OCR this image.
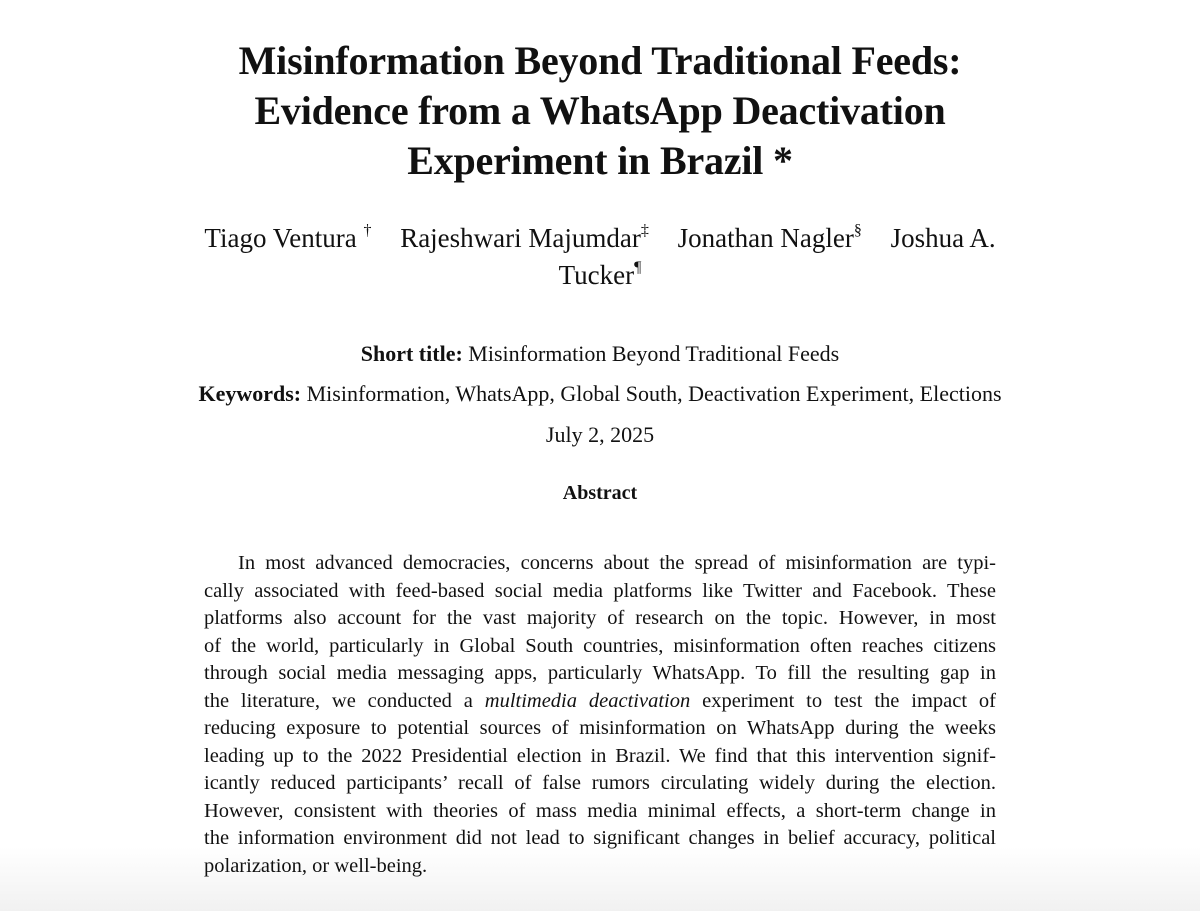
Misinformation Beyond Traditional Feeds:
Evidence from a WhatsApp Deactivation
Experiment in Brazil *
Tiago Ventura † Rajeshwari Majumdar‡ Jonathan Nagler§ Joshua A. Tucker¶
Short title: Misinformation Beyond Traditional Feeds
Keywords: Misinformation, WhatsApp, Global South, Deactivation Experiment, Elections
July 2, 2025
Abstract
In most advanced democracies, concerns about the spread of misinformation are typi-
cally associated with feed-based social media platforms like Twitter and Facebook. These
platforms also account for the vast majority of research on the topic. However, in most
of the world, particularly in Global South countries, misinformation often reaches citizens
through social media messaging apps, particularly WhatsApp. To fill the resulting gap in
the literature, we conducted a multimedia deactivation experiment to test the impact of
reducing exposure to potential sources of misinformation on WhatsApp during the weeks
leading up to the 2022 Presidential election in Brazil. We find that this intervention signif-
icantly reduced participants’ recall of false rumors circulating widely during the election.
However, consistent with theories of mass media minimal effects, a short-term change in
the information environment did not lead to significant changes in belief accuracy, political
polarization, or well-being.
